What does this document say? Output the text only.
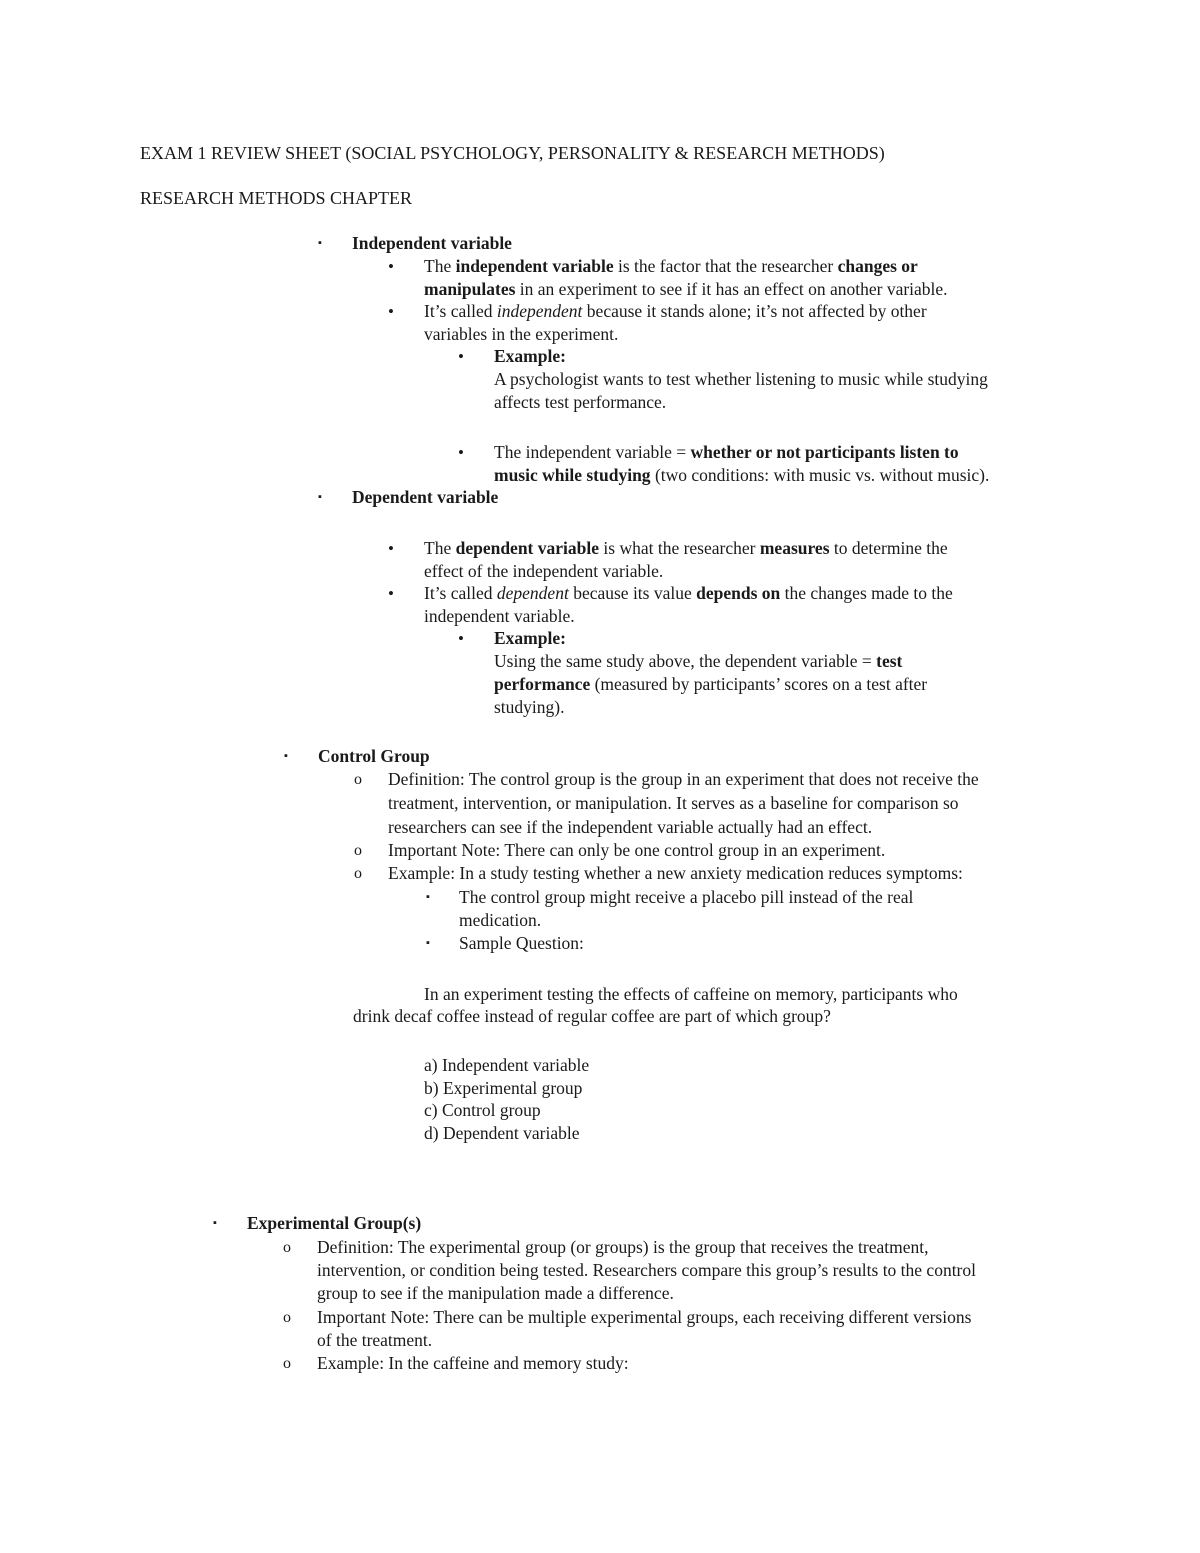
EXAM 1 REVIEW SHEET (SOCIAL PSYCHOLOGY, PERSONALITY & RESEARCH METHODS)
RESEARCH METHODS CHAPTER
▪ Independent variable
• The independent variable is the factor that the researcher changes or
manipulates in an experiment to see if it has an effect on another variable.
• It’s called independent because it stands alone; it’s not affected by other
variables in the experiment.
• Example:
A psychologist wants to test whether listening to music while studying
affects test performance.
• The independent variable = whether or not participants listen to
music while studying (two conditions: with music vs. without music).
▪ Dependent variable
• The dependent variable is what the researcher measures to determine the
effect of the independent variable.
• It’s called dependent because its value depends on the changes made to the
independent variable.
• Example:
Using the same study above, the dependent variable = test
performance (measured by participants’ scores on a test after
studying).
▪ Control Group
o Definition: The control group is the group in an experiment that does not receive the
treatment, intervention, or manipulation. It serves as a baseline for comparison so
researchers can see if the independent variable actually had an effect.
o Important Note: There can only be one control group in an experiment.
o Example: In a study testing whether a new anxiety medication reduces symptoms:
▪ The control group might receive a placebo pill instead of the real
medication.
▪ Sample Question:
In an experiment testing the effects of caffeine on memory, participants who
drink decaf coffee instead of regular coffee are part of which group?
a) Independent variable
b) Experimental group
c) Control group
d) Dependent variable
▪ Experimental Group(s)
o Definition: The experimental group (or groups) is the group that receives the treatment,
intervention, or condition being tested. Researchers compare this group’s results to the control
group to see if the manipulation made a difference.
o Important Note: There can be multiple experimental groups, each receiving different versions
of the treatment.
o Example: In the caffeine and memory study:
